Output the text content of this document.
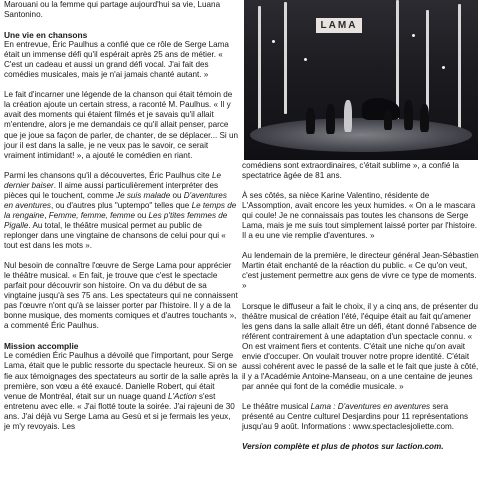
Marouani ou la femme qui partage aujourd'hui sa vie, Luana Santonino.

Une vie en chansons

En entrevue, Éric Paulhus a confié que ce rôle de Serge Lama était un immense défi qu'il espérait après 25 ans de métier. « C'est un cadeau et aussi un grand défi vocal. J'ai fait des comédies musicales, mais je n'ai jamais chanté autant. »

Le fait d'incarner une légende de la chanson qui était témoin de la création ajoute un certain stress, a raconté M. Paulhus. « Il y avait des moments qui étaient filmés et je savais qu'il allait m'entendre, alors je me demandais ce qu'il allait penser, parce que je joue sa façon de parler, de chanter, de se déplacer... Si un jour il est dans la salle, je ne veux pas le savoir, ce serait vraiment intimidant! », a ajouté le comédien en riant.

Parmi les chansons qu'il a découvertes, Éric Paulhus cite Le dernier baiser. Il aime aussi particulièrement interpréter des pièces qui le touchent, comme Je suis malade ou D'aventures en aventures, ou d'autres plus "uptempo" telles que Le temps de la rengaine, Femme, femme, femme ou Les p'tites femmes de Pigalle. Au total, le théâtre musical permet au public de replonger dans une vingtaine de chansons de celui pour qui « tout est dans les mots ».

Nul besoin de connaître l'œuvre de Serge Lama pour apprécier le théâtre musical. « En fait, je trouve que c'est le spectacle parfait pour découvrir son histoire. On va du début de sa vingtaine jusqu'à ses 75 ans. Les spectateurs qui ne connaissent pas l'œuvre n'ont qu'à se laisser porter par l'histoire. Il y a de la bonne musique, des moments comiques et d'autres touchants », a commenté Éric Paulhus.

Mission accomplie

Le comédien Éric Paulhus a dévoilé que l'important, pour Serge Lama, était que le public ressorte du spectacle heureux. Si on se fie aux témoignages des spectateurs au sortir de la salle après la première, son vœu a été exaucé. Danielle Robert, qui était venue de Montréal, était sur un nuage quand L'Action s'est entretenu avec elle. « J'ai flotté toute la soirée. J'ai rajeuni de 30 ans. J'ai déjà vu Serge Lama au Gesù et si je fermais les yeux, je m'y revoyais. Les

LAMA

comédiens sont extraordinaires, c'était sublime », a confié la spectatrice âgée de 81 ans.

À ses côtés, sa nièce Karine Valentino, résidente de L'Assomption, avait encore les yeux humides. « On a le mascara qui coule! Je ne connaissais pas toutes les chansons de Serge Lama, mais je me suis tout simplement laissé porter par l'histoire. Il a eu une vie remplie d'aventures. »

Au lendemain de la première, le directeur général Jean-Sébastien Martin était enchanté de la réaction du public. « Ce qu'on veut, c'est justement permettre aux gens de vivre ce type de moments. »

Lorsque le diffuseur a fait le choix, il y a cinq ans, de présenter du théâtre musical de création l'été, l'équipe était au fait qu'amener les gens dans la salle allait être un défi, étant donné l'absence de référent contrairement à une adaptation d'un spectacle connu. « On est vraiment fiers et contents. C'était une niche qu'on avait envie d'occuper. On voulait trouver notre propre identité. C'était aussi cohérent avec le passé de la salle et le fait que juste à côté, il y a l'Académie Antoine-Manseau, on a une centaine de jeunes par année qui font de la comédie musicale. »

Le théâtre musical Lama : D'aventures en aventures sera présenté au Centre culturel Desjardins pour 11 représentations jusqu'au 9 août. Informations : www.spectaclesjoliette.com.

Version complète et plus de photos sur laction.com.
